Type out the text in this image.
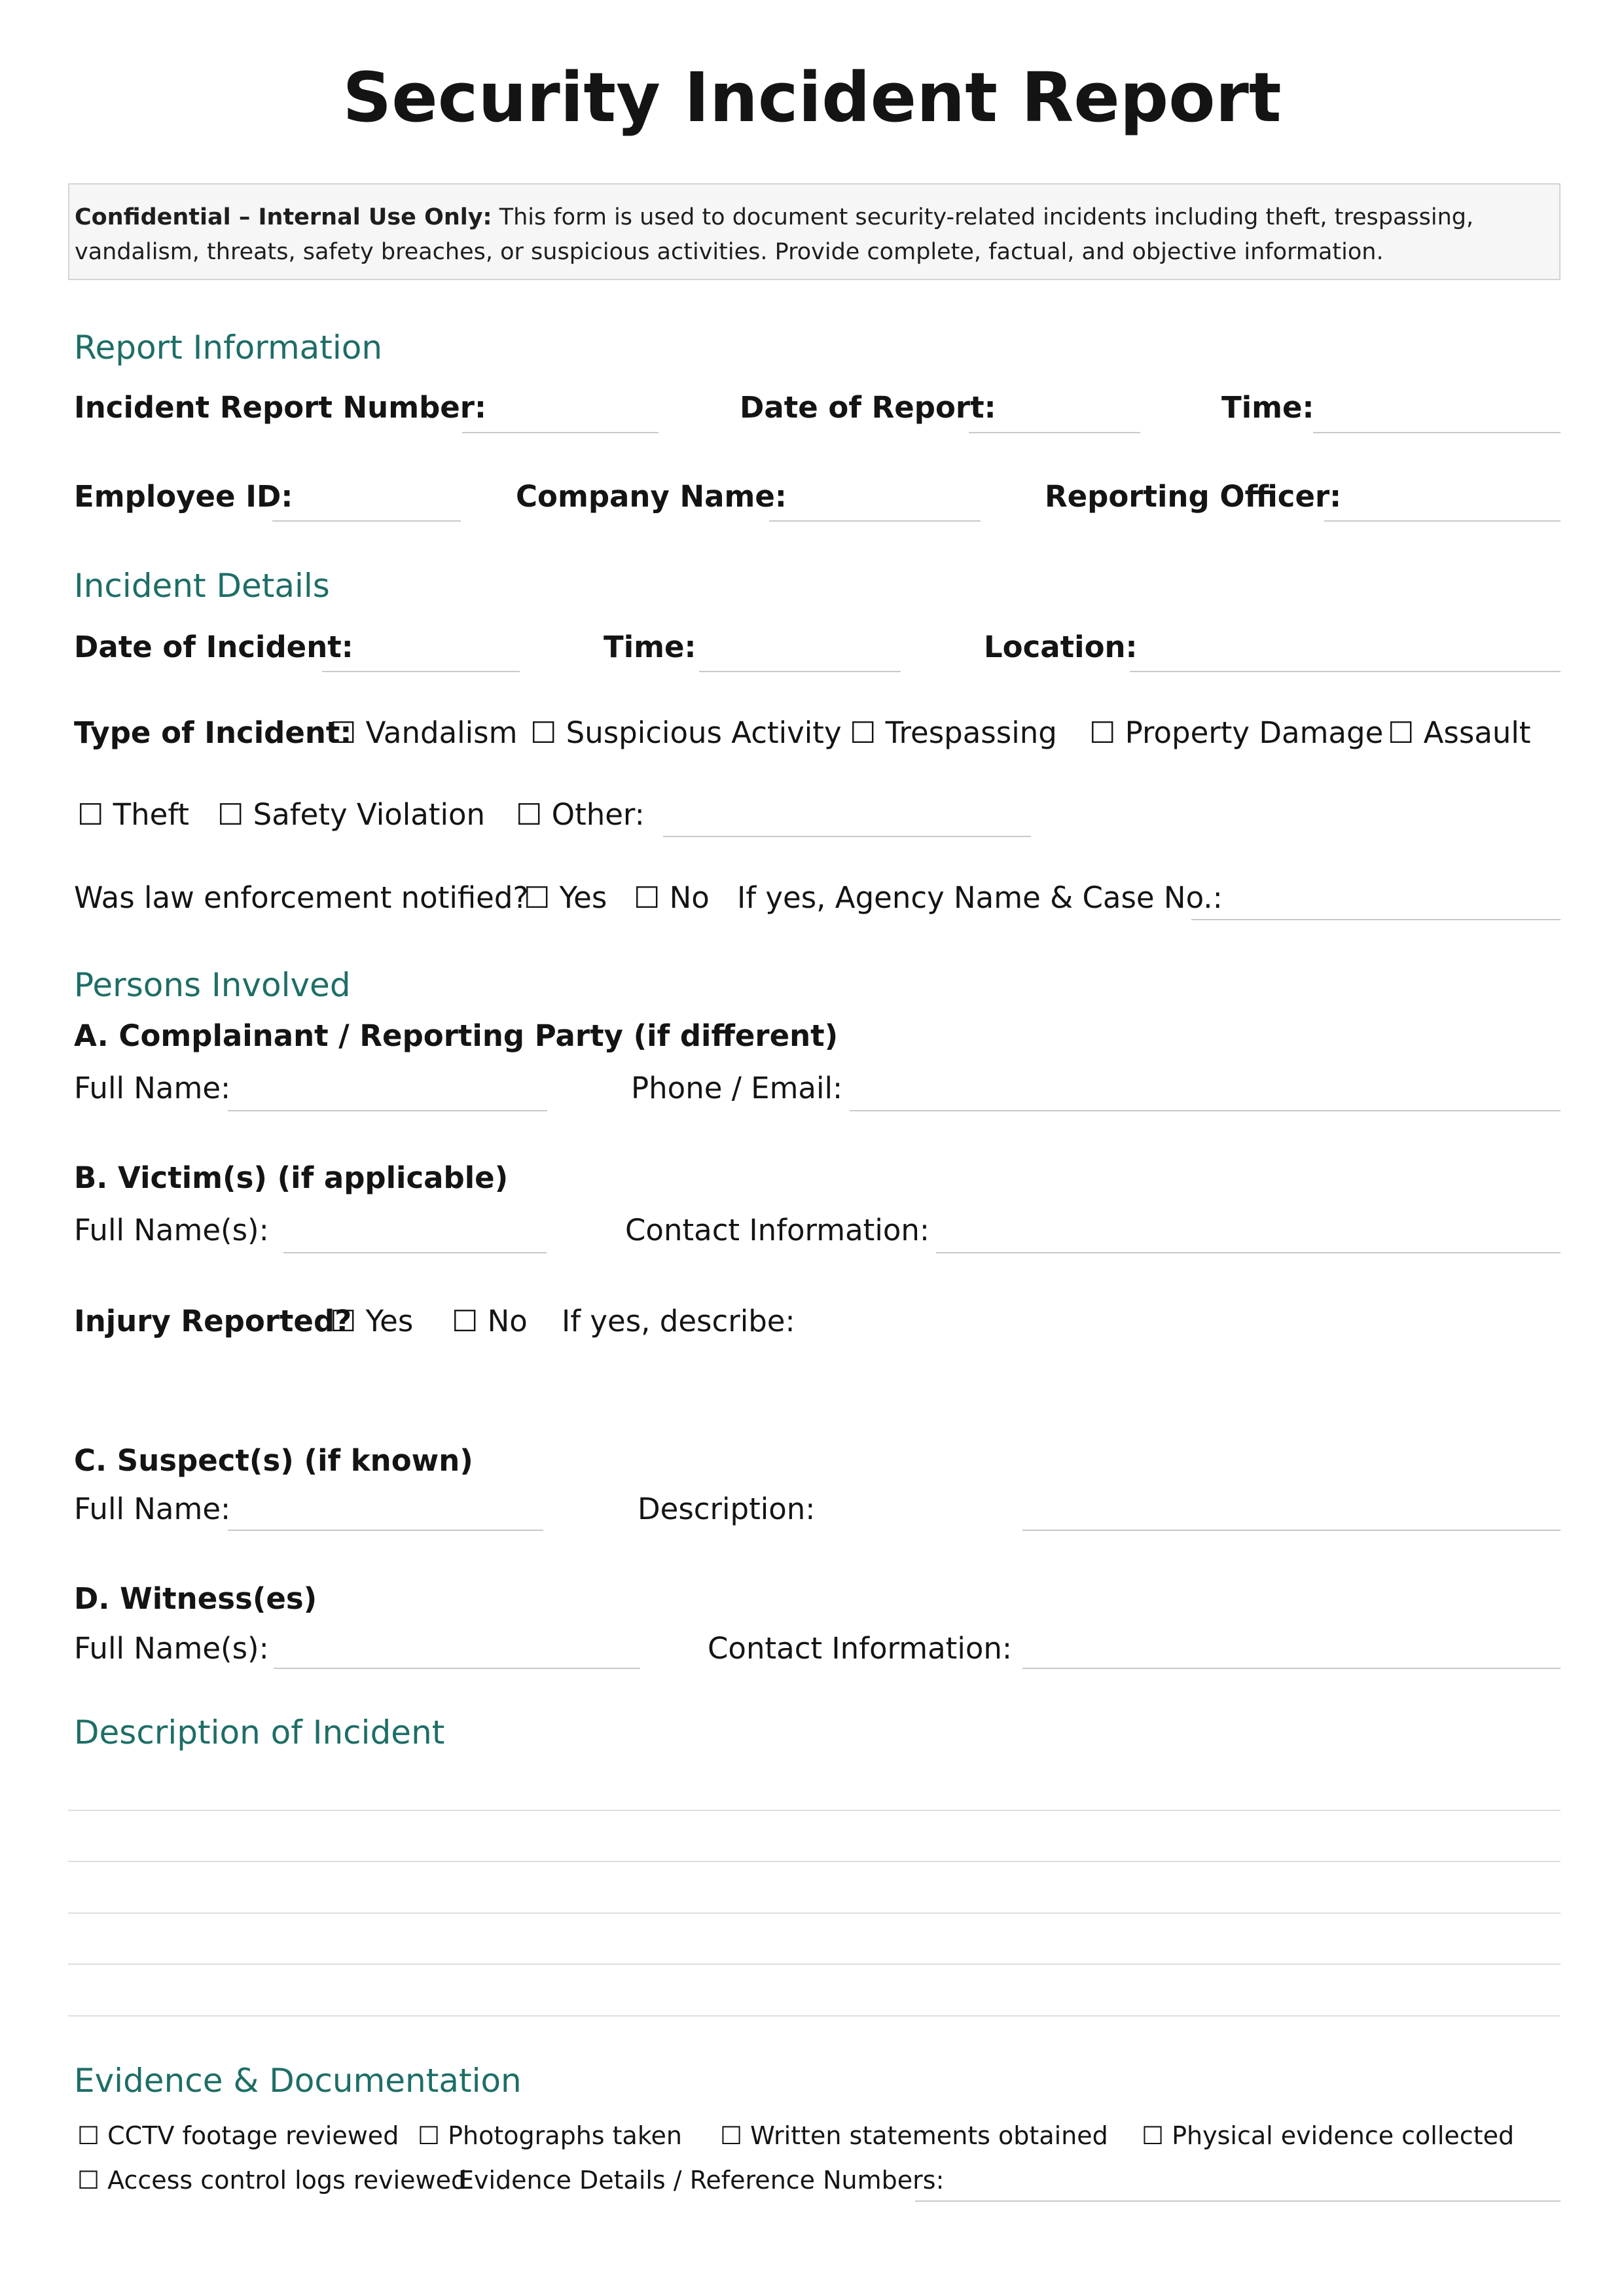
Security Incident Report
Confidential – Internal Use Only: This form is used to document security-related incidents including theft, trespassing, vandalism, threats, safety breaches, or suspicious activities. Provide complete, factual, and objective information.
Report Information
Incident Report Number:	Date of Report:	Time:
Employee ID:	Company Name:	Reporting Officer:
Incident Details
Date of Incident:	Time:	Location:
Type of Incident:
☐ Vandalism ☐ Suspicious Activity ☐ Trespassing ☐ Property Damage ☐ Assault
☐ Theft ☐ Safety Violation ☐ Other:
Was law enforcement notified?
☐ Yes ☐ No If yes, Agency Name & Case No.:
Persons Involved
A. Complainant / Reporting Party (if different)
Full Name:	Phone / Email:
B. Victim(s) (if applicable)
Full Name(s):	Contact Information:
Injury Reported?
☐ Yes ☐ No If yes, describe:
C. Suspect(s) (if known)
Full Name:	Description:
D. Witness(es)
Full Name(s):	Contact Information:
Description of Incident
Evidence & Documentation
☐ CCTV footage reviewed ☐ Photographs taken ☐ Written statements obtained ☐ Physical evidence collected
☐ Access control logs reviewed
Evidence Details / Reference Numbers:
